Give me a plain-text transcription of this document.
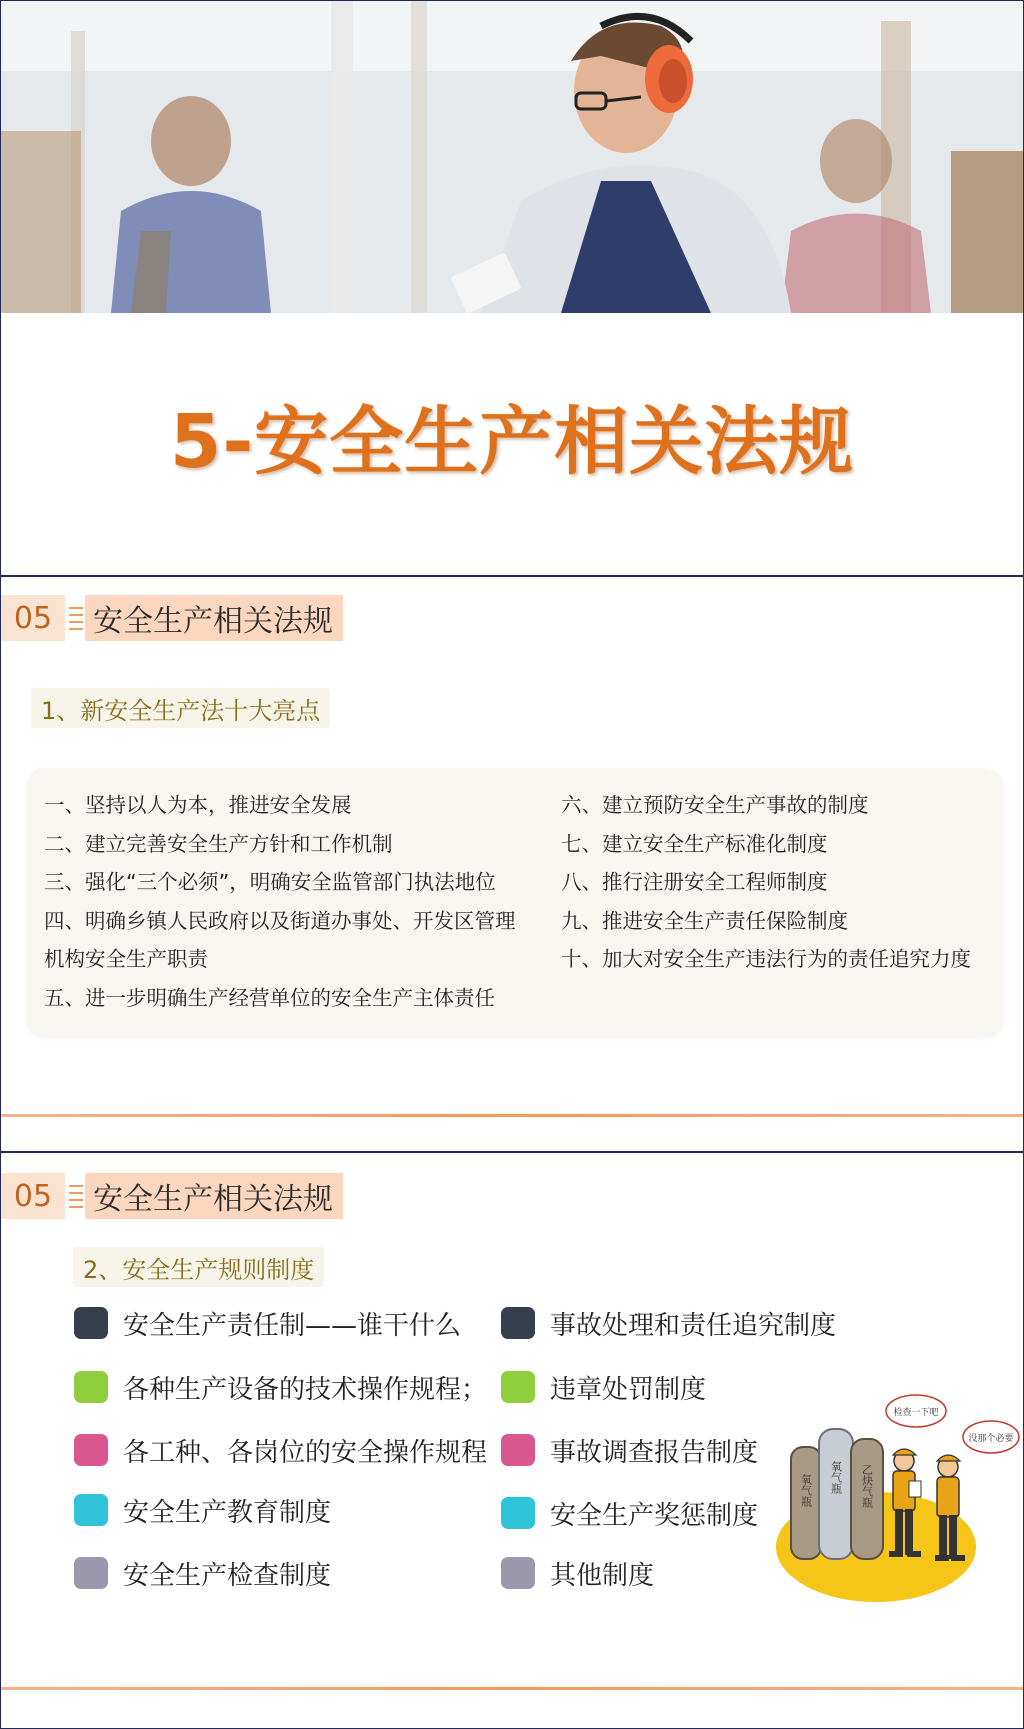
5-安全生产相关法规
05	安全生产相关法规
1、新安全生产法十大亮点
一、坚持以人为本，推进安全发展
二、建立完善安全生产方针和工作机制
三、强化“三个必须”，明确安全监管部门执法地位
四、明确乡镇人民政府以及街道办事处、开发区管理
机构安全生产职责
五、进一步明确生产经营单位的安全生产主体责任
六、建立预防安全生产事故的制度
七、建立安全生产标准化制度
八、推行注册安全工程师制度
九、推进安全生产责任保险制度
十、加大对安全生产违法行为的责任追究力度
05	安全生产相关法规
2、安全生产规则制度
安全生产责任制——谁干什么
各种生产设备的技术操作规程；
各工种、各岗位的安全操作规程
安全生产教育制度
安全生产检查制度
事故处理和责任追究制度
违章处罚制度
事故调查报告制度
安全生产奖惩制度
其他制度
氧气瓶 氧气瓶 乙炔气瓶
检查一下吧
没那个必要
